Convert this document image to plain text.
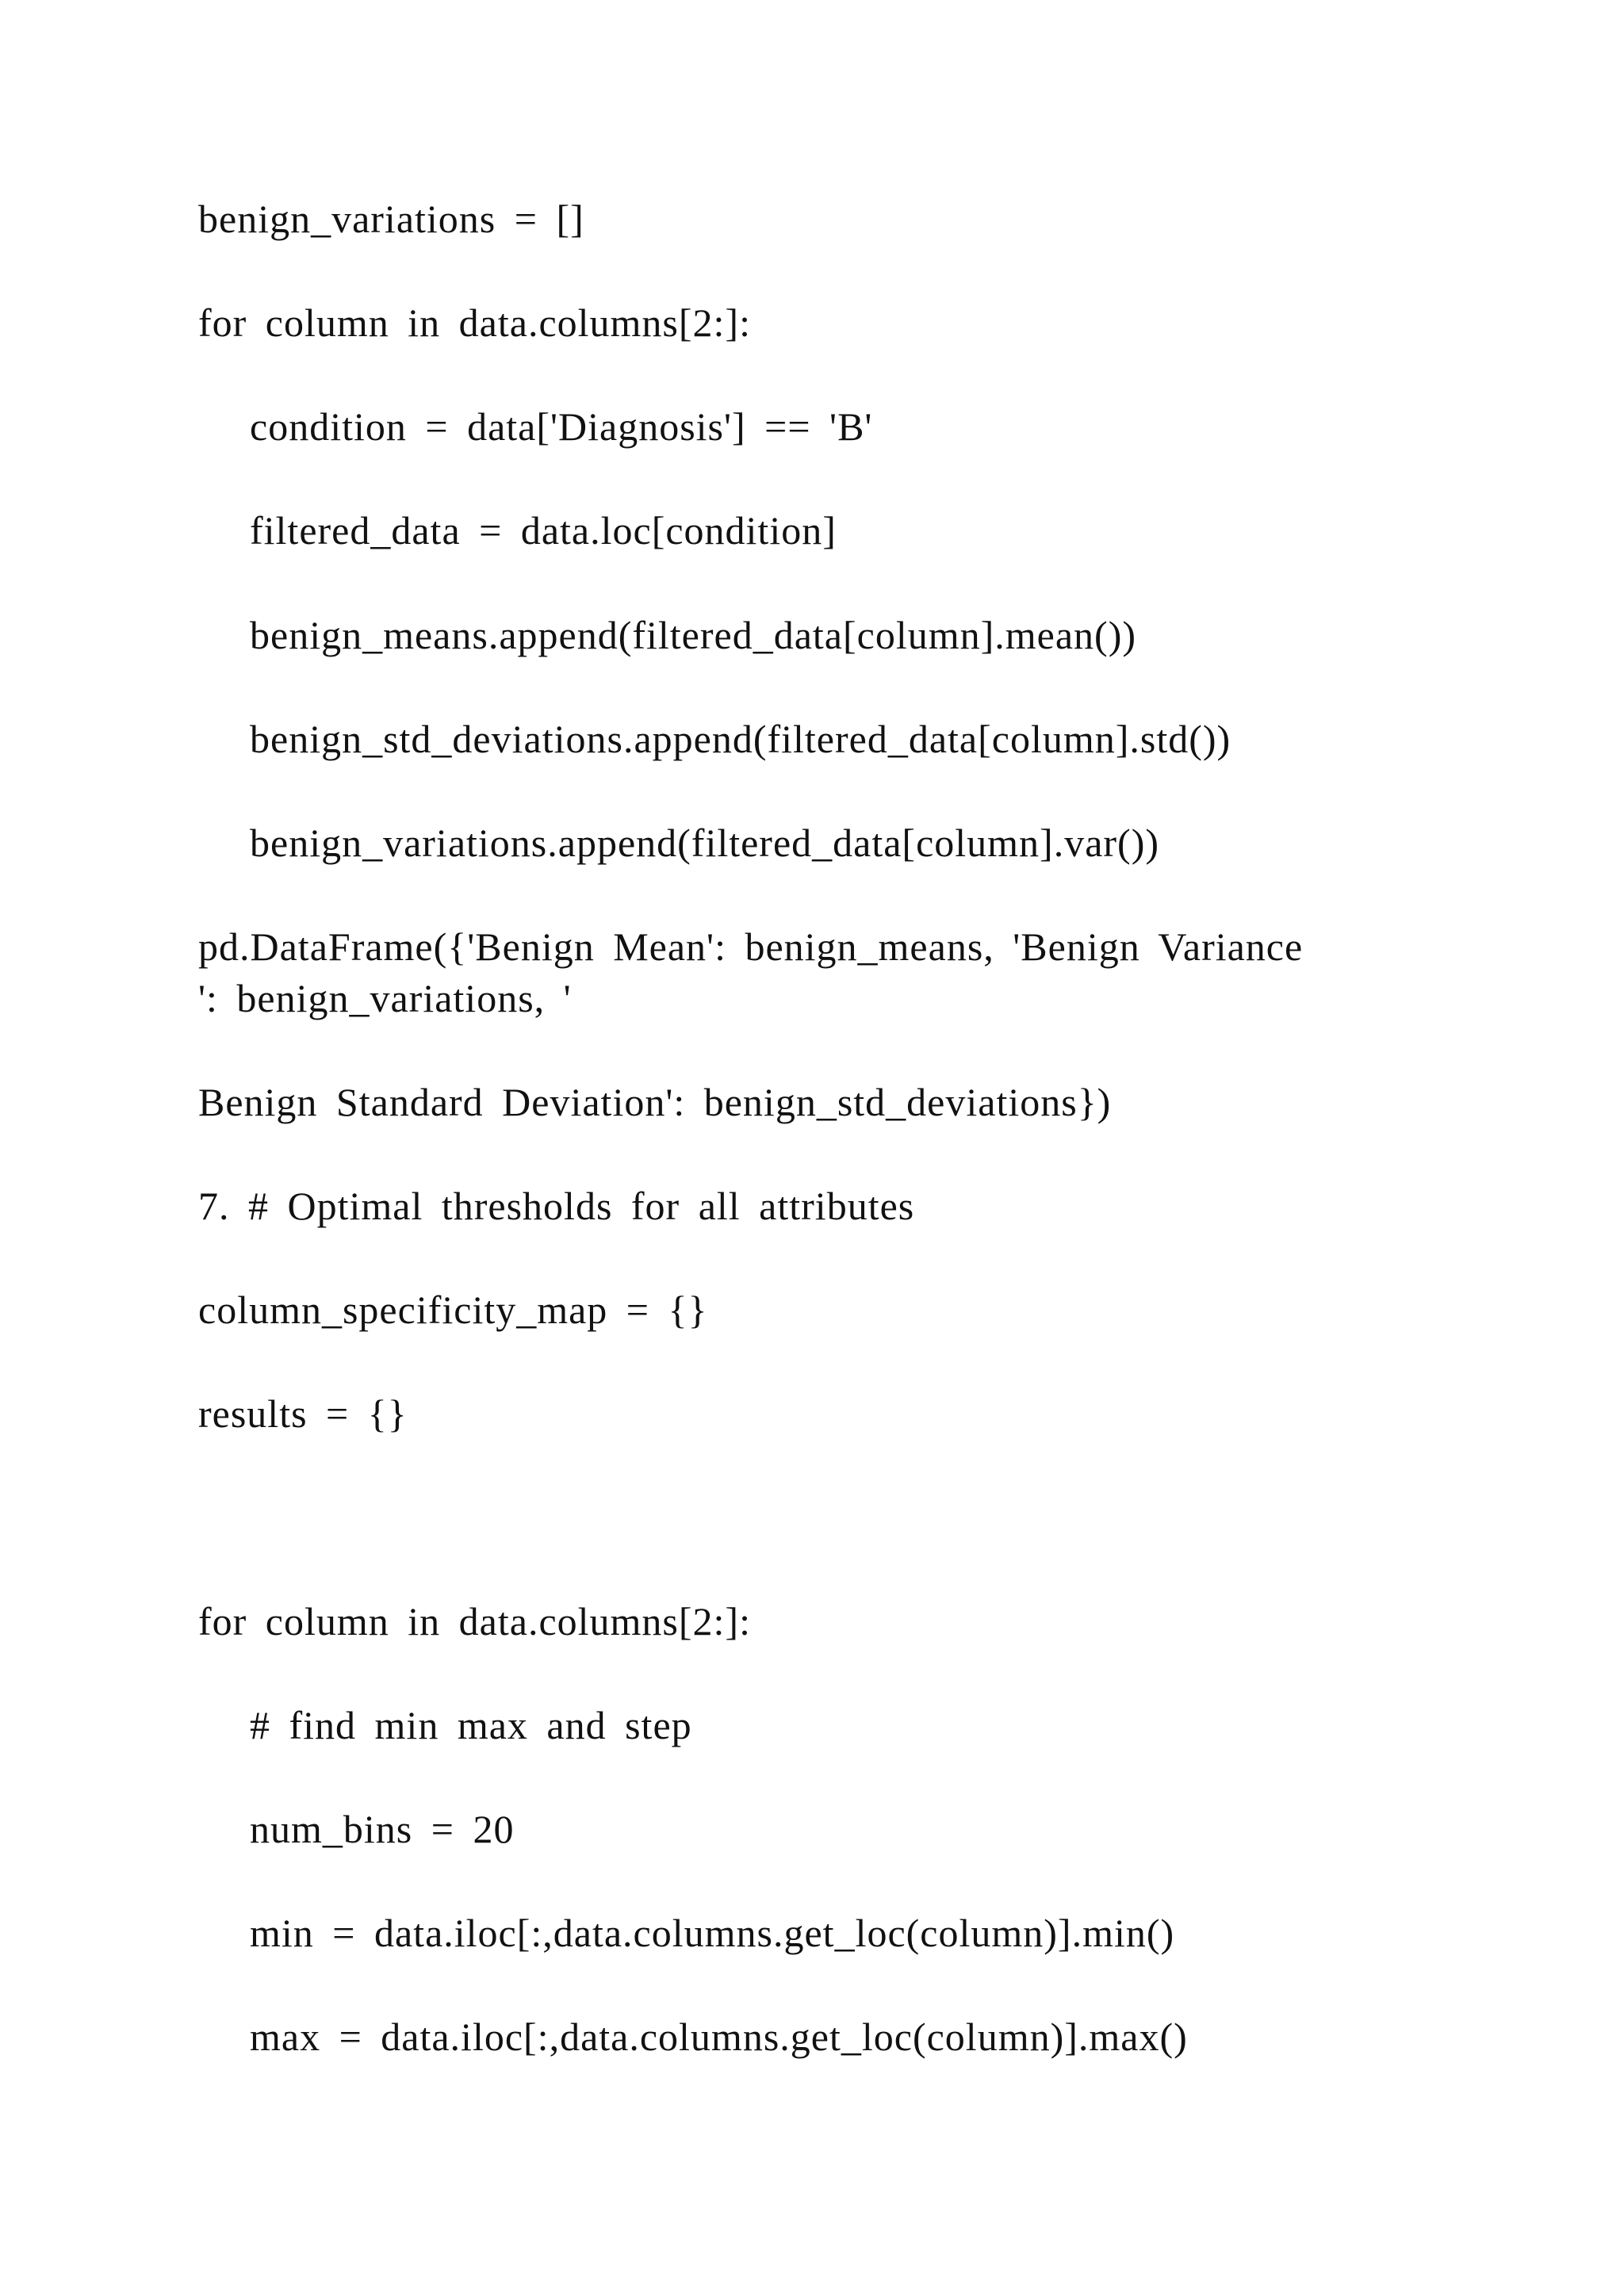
benign_variations = []
for column in data.columns[2:]:
condition = data['Diagnosis'] == 'B'
filtered_data = data.loc[condition]
benign_means.append(filtered_data[column].mean())
benign_std_deviations.append(filtered_data[column].std())
benign_variations.append(filtered_data[column].var())
pd.DataFrame({'Benign Mean': benign_means, 'Benign Variance
': benign_variations, '
Benign Standard Deviation': benign_std_deviations})
7. # Optimal thresholds for all attributes
column_specificity_map = {}
results = {}
for column in data.columns[2:]:
# find min max and step
num_bins = 20
min = data.iloc[:,data.columns.get_loc(column)].min()
max = data.iloc[:,data.columns.get_loc(column)].max()
